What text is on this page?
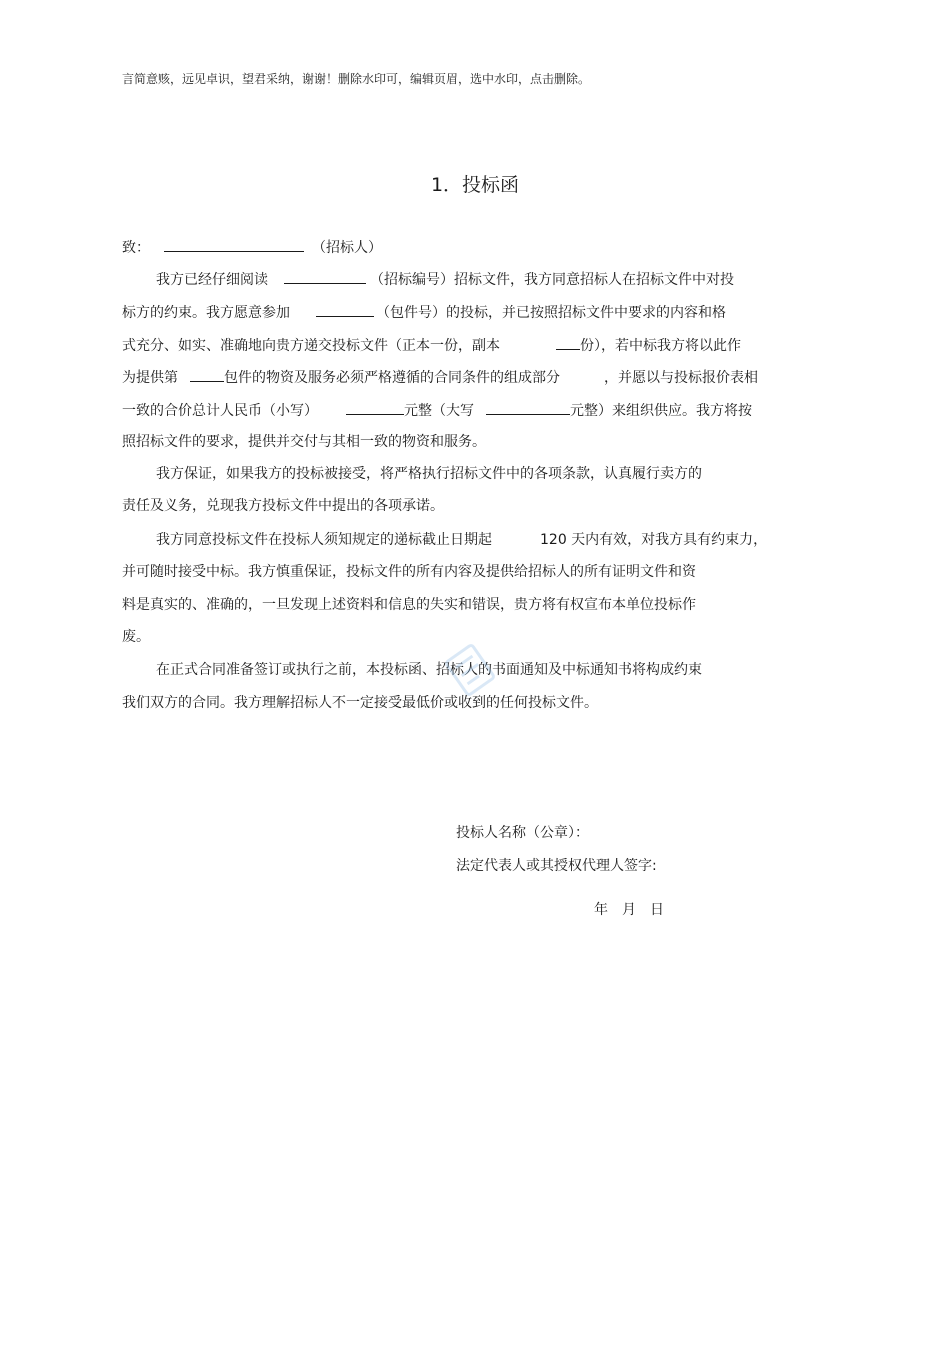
言简意赅，远见卓识，望君采纳，谢谢！删除水印可，编辑页眉，选中水印，点击删除。
1．投标函
致：	（招标人）
我方已经仔细阅读	（招标编号）招标文件，我方同意招标人在招标文件中对投
标方的约束。我方愿意参加	（包件号）的投标，并已按照招标文件中要求的内容和格
式充分、如实、准确地向贵方递交投标文件（正本一份，副本	份），若中标我方将以此作
为提供第	包件的物资及服务必须严格遵循的合同条件的组成部分	，并愿以与投标报价表相
一致的合价总计人民币（小写）	元整（大写	元整）来组织供应。我方将按
照招标文件的要求，提供并交付与其相一致的物资和服务。
我方保证，如果我方的投标被接受，将严格执行招标文件中的各项条款，认真履行卖方的
责任及义务，兑现我方投标文件中提出的各项承诺。
我方同意投标文件在投标人须知规定的递标截止日期起	120 天内有效，对我方具有约束力，
并可随时接受中标。我方慎重保证，投标文件的所有内容及提供给招标人的所有证明文件和资
料是真实的、准确的，一旦发现上述资料和信息的失实和错误，贵方将有权宣布本单位投标作
废。
在正式合同准备签订或执行之前，本投标函、招标人的书面通知及中标通知书将构成约束
我们双方的合同。我方理解招标人不一定接受最低价或收到的任何投标文件。
投标人名称（公章）：
法定代表人或其授权代理人签字:
年　月　日
